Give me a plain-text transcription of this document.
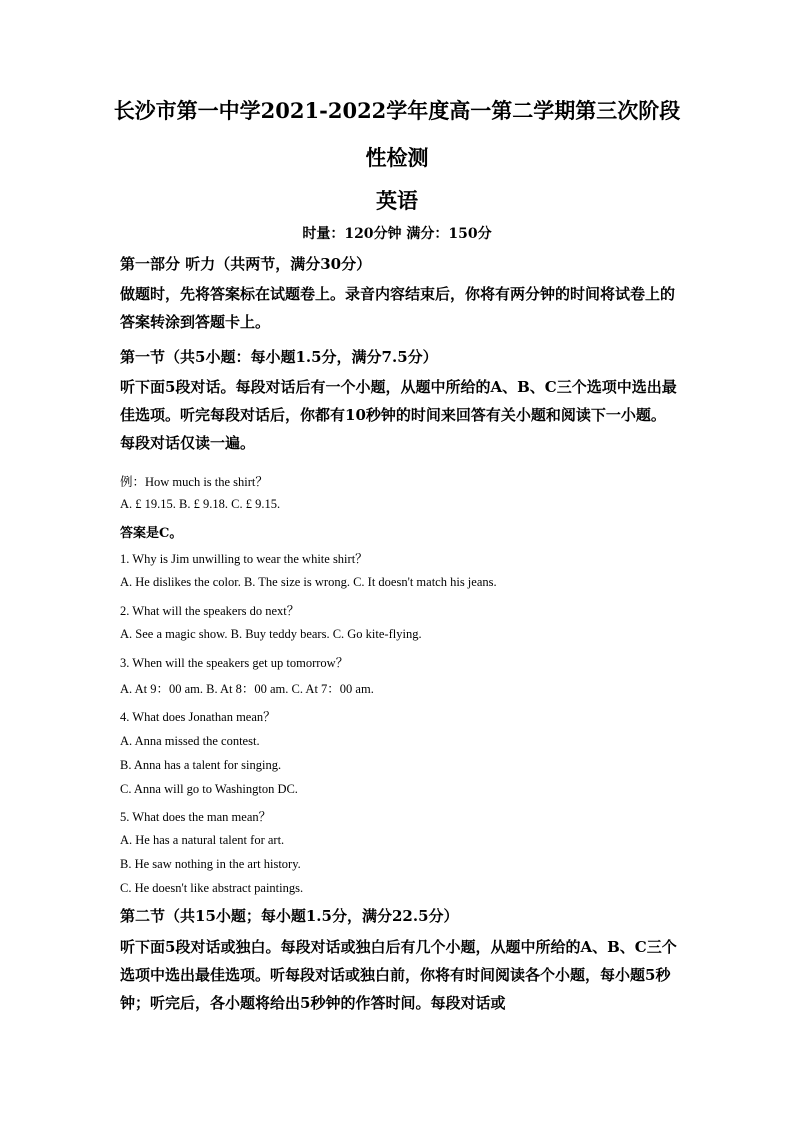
长沙市第一中学2021-2022学年度高一第二学期第三次阶段
性检测
英语
时量：120分钟 满分：150分
第一部分 听力（共两节，满分30分）
做题时，先将答案标在试题卷上。录音内容结束后，你将有两分钟的时间将试卷上的答案转涂到答题卡上。
第一节（共5小题：每小题1.5分，满分7.5分）
听下面5段对话。每段对话后有一个小题，从题中所给的A、B、C三个选项中选出最佳选项。听完每段对话后，你都有10秒钟的时间来回答有关小题和阅读下一小题。每段对话仅读一遍。
例：How much is the shirt？
A. £ 19.15. B. £ 9.18. C. £ 9.15.
答案是C。
1. Why is Jim unwilling to wear the white shirt？
A. He dislikes the color. B. The size is wrong. C. It doesn't match his jeans.
2. What will the speakers do next？
A. See a magic show. B. Buy teddy bears. C. Go kite-flying.
3. When will the speakers get up tomorrow？
A. At 9：00 am. B. At 8：00 am. C. At 7：00 am.
4. What does Jonathan mean？
A. Anna missed the contest.
B. Anna has a talent for singing.
C. Anna will go to Washington DC.
5. What does the man mean？
A. He has a natural talent for art.
B. He saw nothing in the art history.
C. He doesn't like abstract paintings.
第二节（共15小题；每小题1.5分，满分22.5分）
听下面5段对话或独白。每段对话或独白后有几个小题，从题中所给的A、B、C三个选项中选出最佳选项。听每段对话或独白前，你将有时间阅读各个小题，每小题5秒钟；听完后，各小题将给出5秒钟的作答时间。每段对话或
